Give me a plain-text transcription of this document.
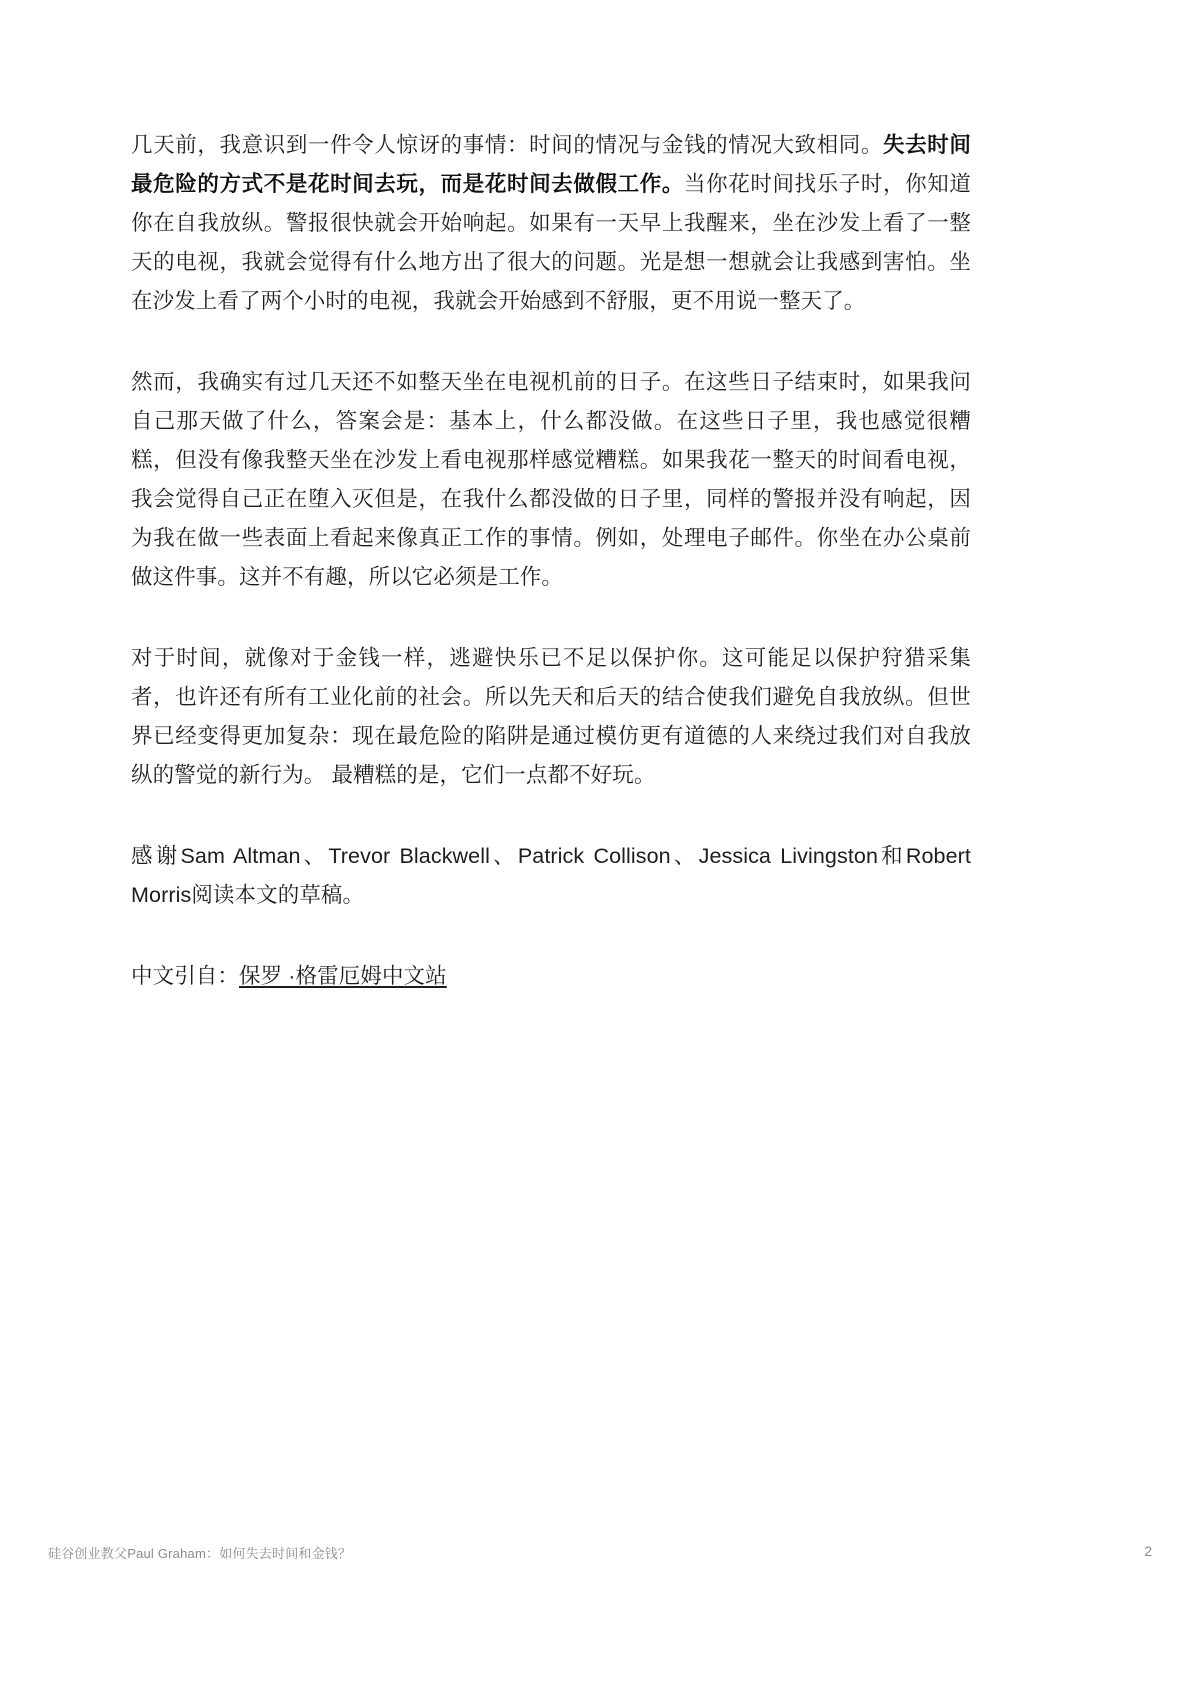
几天前，我意识到一件令人惊讶的事情：时间的情况与金钱的情况大致相同。失去时间最危险的方式不是花时间去玩，而是花时间去做假工作。当你花时间找乐子时，你知道你在自我放纵。警报很快就会开始响起。如果有一天早上我醒来，坐在沙发上看了一整天的电视，我就会觉得有什么地方出了很大的问题。光是想一想就会让我感到害怕。坐在沙发上看了两个小时的电视，我就会开始感到不舒服，更不用说一整天了。

然而，我确实有过几天还不如整天坐在电视机前的日子。在这些日子结束时，如果我问自己那天做了什么，答案会是：基本上，什么都没做。在这些日子里，我也感觉很糟糕，但没有像我整天坐在沙发上看电视那样感觉糟糕。如果我花一整天的时间看电视，我会觉得自己正在堕入灭但是，在我什么都没做的日子里，同样的警报并没有响起，因为我在做一些表面上看起来像真正工作的事情。例如，处理电子邮件。你坐在办公桌前做这件事。这并不有趣，所以它必须是工作。

对于时间，就像对于金钱一样，逃避快乐已不足以保护你。这可能足以保护狩猎采集者，也许还有所有工业化前的社会。所以先天和后天的结合使我们避免自我放纵。但世界已经变得更加复杂：现在最危险的陷阱是通过模仿更有道德的人来绕过我们对自我放纵的警觉的新行为。 最糟糕的是，它们一点都不好玩。

感谢Sam Altman、Trevor Blackwell、Patrick Collison、Jessica Livingston和Robert Morris阅读本文的草稿。

中文引自：保罗 ·格雷厄姆中文站

硅谷创业教父Paul Graham：如何失去时间和金钱？	2
